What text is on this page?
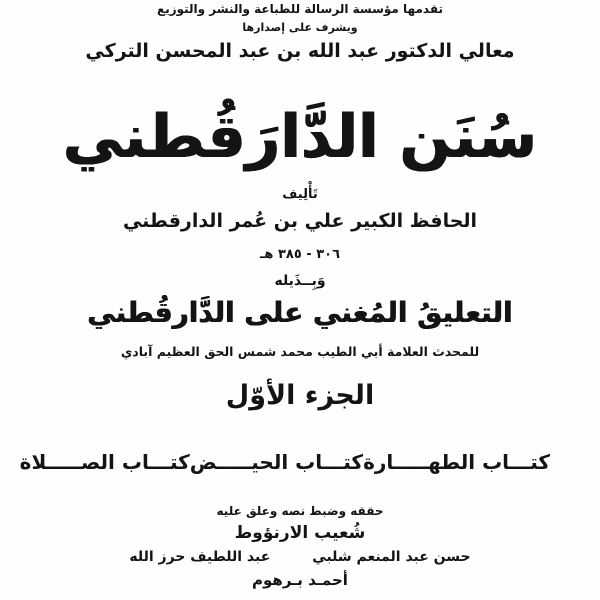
تقدمها مؤسسة الرسالة للطباعة والنشر والتوزيع
ويشرف على إصدارها
معالي الدكتور عبد الله بن عبد المحسن التركي
سُنَن الدَّارَقُطني
تَأْلِيف
الحافظ الكبير علي بن عُمر الدارقطني
٣٠٦ - ٣٨٥ هـ
وَبِــذَيله
التعليقُ المُغني على الدَّارقُطني
للمحدث العلامة أبي الطيب محمد شمس الحق العظيم آبادي
الجزء الأوّل
كتـــاب الطهـــــارة
كتـــاب الحيـــــض
كتـــاب الصـــــلاة
حققه وضبط نصه وعلق عليه
شُعيب الارنؤوط
حسن عبد المنعم شلبي
عبد اللطيف حرز الله
أحمـد بـرهوم
